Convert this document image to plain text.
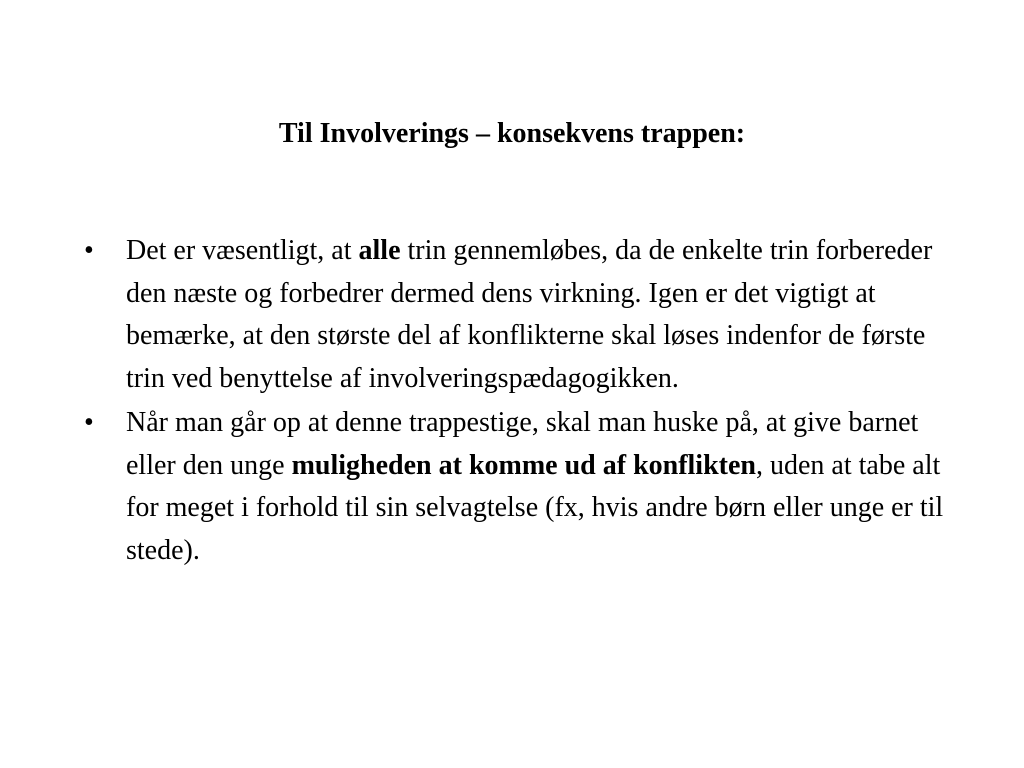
Til Involverings – konsekvens trappen:
•	Det er væsentligt, at alle trin gennemløbes, da de enkelte trin forbereder den næste og forbedrer dermed dens virkning. Igen er det vigtigt at bemærke, at den største del af konflikterne skal løses indenfor de første trin ved benyttelse af involveringspædagogikken.
•	Når man går op at denne trappestige, skal man huske på, at give barnet eller den unge muligheden at komme ud af konflikten, uden at tabe alt for meget i forhold til sin selvagtelse (fx, hvis andre børn eller unge er til stede).
